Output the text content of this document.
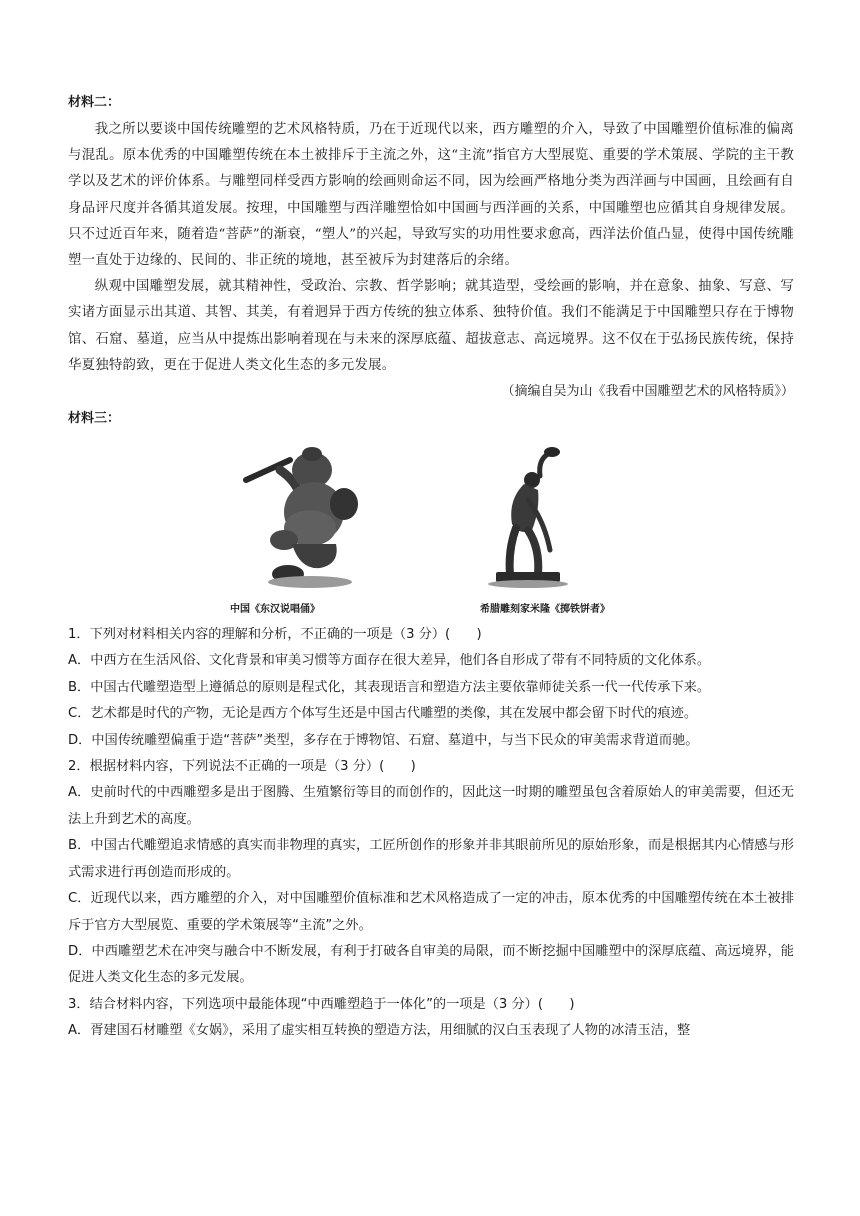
材料二：

我之所以要谈中国传统雕塑的艺术风格特质，乃在于近现代以来，西方雕塑的介入，导致了中国雕塑价值标准的偏离与混乱。原本优秀的中国雕塑传统在本土被排斥于主流之外，这“主流”指官方大型展览、重要的学术策展、学院的主干教学以及艺术的评价体系。与雕塑同样受西方影响的绘画则命运不同，因为绘画严格地分类为西洋画与中国画，且绘画有自身品评尺度并各循其道发展。按理，中国雕塑与西洋雕塑恰如中国画与西洋画的关系，中国雕塑也应循其自身规律发展。只不过近百年来，随着造“菩萨”的渐衰，“塑人”的兴起，导致写实的功用性要求愈高，西洋法价值凸显，使得中国传统雕塑一直处于边缘的、民间的、非正统的境地，甚至被斥为封建落后的余绪。

纵观中国雕塑发展，就其精神性，受政治、宗教、哲学影响；就其造型，受绘画的影响，并在意象、抽象、写意、写实诸方面显示出其道、其智、其美，有着迥异于西方传统的独立体系、独特价值。我们不能满足于中国雕塑只存在于博物馆、石窟、墓道，应当从中提炼出影响着现在与未来的深厚底蕴、超拔意志、高远境界。这不仅在于弘扬民族传统，保持华夏独特韵致，更在于促进人类文化生态的多元发展。

（摘编自吴为山《我看中国雕塑艺术的风格特质》）

材料三：

中国《东汉说唱俑》	希腊雕刻家米隆《掷铁饼者》

1．下列对材料相关内容的理解和分析，不正确的一项是（3 分）(　　)

A．中西方在生活风俗、文化背景和审美习惯等方面存在很大差异，他们各自形成了带有不同特质的文化体系。

B．中国古代雕塑造型上遵循总的原则是程式化，其表现语言和塑造方法主要依靠师徒关系一代一代传承下来。

C．艺术都是时代的产物，无论是西方个体写生还是中国古代雕塑的类像，其在发展中都会留下时代的痕迹。

D．中国传统雕塑偏重于造“菩萨”类型，多存在于博物馆、石窟、墓道中，与当下民众的审美需求背道而驰。

2．根据材料内容，下列说法不正确的一项是（3 分）(　　)

A．史前时代的中西雕塑多是出于图腾、生殖繁衍等目的而创作的，因此这一时期的雕塑虽包含着原始人的审美需要，但还无法上升到艺术的高度。

B．中国古代雕塑追求情感的真实而非物理的真实，工匠所创作的形象并非其眼前所见的原始形象，而是根据其内心情感与形式需求进行再创造而形成的。

C．近现代以来，西方雕塑的介入，对中国雕塑价值标准和艺术风格造成了一定的冲击，原本优秀的中国雕塑传统在本土被排斥于官方大型展览、重要的学术策展等“主流”之外。

D．中西雕塑艺术在冲突与融合中不断发展，有利于打破各自审美的局限，而不断挖掘中国雕塑中的深厚底蕴、高远境界，能促进人类文化生态的多元发展。

3．结合材料内容，下列选项中最能体现“中西雕塑趋于一体化”的一项是（3 分）(　　)

A．胥建国石材雕塑《女娲》，采用了虚实相互转换的塑造方法，用细腻的汉白玉表现了人物的冰清玉洁，整
